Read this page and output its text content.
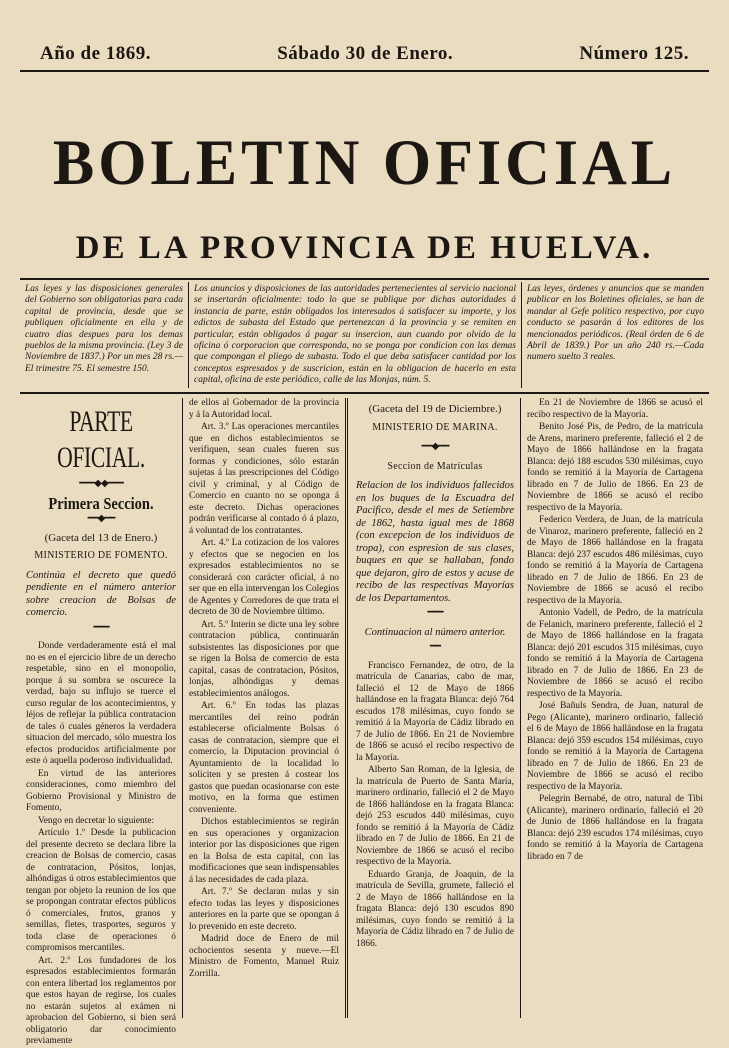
Año de 1869.	Sábado 30 de Enero.	Número 125.
BOLETIN OFICIAL
DE LA PROVINCIA DE HUELVA.
Las leyes y las disposiciones generales del Gobierno son obligatorias para cada capital de provincia, desde que se publiquen oficialmente en ella y de cuatro dias despues para los demas pueblos de la misma provincia. (Ley 3 de Noviembre de 1837.) Por un mes 28 rs.—El trimestre 75. El semestre 150.
Los anuncios y disposiciones de las autoridades pertenecientes al servicio nacional se insertarán oficialmente: todo lo que se publique por dichas autoridades á instancia de parte, están obligados los interesados á satisfacer su importe, y los edictos de subasta del Estado que pertenezcan á la provincia y se remiten en particular, están obligados á pagar su insercion, aun cuando por olvido de la oficina ó corporacion que corresponda, no se ponga por condicion con las demas que compongan el pliego de subasta. Todo el que deba satisfacer cantidad por los conceptos espresados y de suscricion, están en la obligacion de hacerlo en esta capital, oficina de este periódico, calle de las Monjas, núm. 5.
Las leyes, órdenes y anuncios que se manden publicar en los Boletines oficiales, se han de mandar al Gefe político respectivo, por cuyo conducto se pasarán á los editores de los mencionados periódicos. (Real órden de 6 de Abril de 1839.) Por un año 240 rs.—Cada numero suelto 3 reales.
PARTE OFICIAL.
━━━◆◆━━━
Primera Seccion.
━━◆━━
(Gaceta del 13 de Enero.)
MINISTERIO DE FOMENTO.

Continúa el decreto que quedó pendiente en el número anterior sobre creacion de Bolsas de comercio.

━━━

Donde verdaderamente está el mal no es en el ejercicio libre de un derecho respetable, sino en el monopolio, porque á su sombra se oscurece la verdad, bajo su influjo se tuerce el curso regular de los acontecimientos, y léjos de reflejar la pública contratacion de tales ó cuales géneros la verdadera situacion del mercado, sólo muestra los efectos producidos artificialmente por este ó aquella poderoso individualidad.

En virtud de las anteriores consideraciones, como miembro del Gobierno Provisional y Ministro de Fomento,

Vengo en decretar lo siguiente:

Artículo 1.º Desde la publicacion del presente decreto se declara libre la creacion de Bolsas de comercio, casas de contratacion, Pósitos, lonjas, alhóndigas ú otros establecimientos que tengan por objeto la reunion de los que se propongan contratar efectos públicos ó comerciales, frutos, granos y semillas, fletes, trasportes, seguros y toda clase de operaciones ó compromisos mercantiles.

Art. 2.º Los fundadores de los espresados establecimientos formarán con entera libertad los reglamentos por que estos hayan de regirse, los cuales no estarán sujetos al exámen ni aprobacion del Gobierno, si bien será obligatorio dar conocimiento previamente

de ellos al Gobernador de la provincia y á la Autoridad local.

Art. 3.º Las operaciones mercantiles que en dichos establecimientos se verifiquen, sean cuales fueren sus formas y condiciones, sólo estarán sujetas á las prescripciones del Código civil y criminal, y al Código de Comercio en cuanto no se oponga á este decreto. Dichas operaciones podrán verificarse al contado ó á plazo, á voluntad de los contratantes.

Art. 4.º La cotizacion de los valores y efectos que se negocien en los expresados establecimientos no se considerará con carácter oficial, á no ser que en ella intervengan los Colegios de Agentes y Corredores de que trata el decreto de 30 de Noviembre último.

Art. 5.º Interin se dicte una ley sobre contratacion pública, continuarán subsistentes las disposiciones por que se rigen la Bolsa de comercio de esta capital, casas de contratacion, Pósitos, lonjas, alhóndigas y demas establecimientos análogos.

Art. 6.º En todas las plazas mercantiles del reino podrán establecerse oficialmente Bolsas ó casas de contratacion, siempre que el comercio, la Diputacion provincial ó Ayuntamiento de la localidad lo soliciten y se presten á costear los gastos que puedan ocasionarse con este motivo, en la forma que estimen conveniente.

Dichos establecimientos se regirán en sus operaciones y organizacion interior por las disposiciones que rigen en la Bolsa de esta capital, con las modificaciones que sean indispensables á las necesidades de cada plaza.

Art. 7.º Se declaran nulas y sin efecto todas las leyes y disposiciones anteriores en la parte que se opongan á lo prevenido en este decreto.

Madrid doce de Enero de mil ochocientos sesenta y nueve.—El Ministro de Fomento, Manuel Ruiz Zorrilla.

(Gaceta del 19 de Diciembre.)
MINISTERIO DE MARINA.
━━◆━━
Seccion de Matrículas

Relacion de los individuos fallecidos en los buques de la Escuadra del Pacifico, desde el mes de Setiembre de 1862, hasta igual mes de 1868 (con excepcion de los individuos de tropa), con espresion de sus clases, buques en que se hallaban, fondo que dejaron, giro de estos y acuse de recibo de las respectivas Mayorías de los Departamentos.

━━━

Continuacion al número anterior.

━━

Francisco Fernandez, de otro, de la matrícula de Canarias, cabo de mar, falleció el 12 de Mayo de 1866 hallándose en la fragata Blanca: dejó 764 escudos 178 milésimas, cuyo fondo se remitió á la Mayoría de Cádiz librado en 7 de Julio de 1866. En 21 de Noviembre de 1866 se acusó el recibo respectivo de la Mayoría.

Alberto San Roman, de la Iglesia, de la matrícula de Puerto de Santa María, marinero ordinario, falleció el 2 de Mayo de 1866 hallándose en la fragata Blanca: dejó 253 escudos 440 milésimas, cuyo fondo se remitió á la Mayoría de Cádiz librado en 7 de Julio de 1866. En 21 de Noviembre de 1866 se acusó el recibo respectivo de la Mayoría.

Eduardo Granja, de Joaquin, de la matrícula de Sevilla, grumete, falleció el 2 de Mayo de 1866 hallándose en la fragata Blanca: dejó 130 escudos 890 milésimas, cuyo fondo se remitió á la Mayoría de Cádiz librado en 7 de Julio de 1866.

En 21 de Noviembre de 1866 se acusó el recibo respectivo de la Mayoría.

Benito José Pis, de Pedro, de la matrícula de Arens, marinero preferente, falleció el 2 de Mayo de 1866 hallándose en la fragata Blanca: dejó 188 escudos 530 milésimas, cuyo fondo se remitió á la Mayoría de Cartagena librado en 7 de Julio de 1866. En 23 de Noviembre de 1866 se acusó el recibo respectivo de la Mayoría.

Federico Verdera, de Juan, de la matrícula de Vinaroz, marinero preferente, falleció en 2 de Mayo de 1866 hallándose en la fragata Blanca: dejó 237 escudos 486 milésimas, cuyo fondo se remitió á la Mayoría de Cartagena librado en 7 de Julio de 1866. En 23 de Noviembre de 1866 se acusó el recibo respectivo de la Mayoría.

Antonio Vadell, de Pedro, de la matrícula de Felanich, marinero preferente, falleció el 2 de Mayo de 1866 hallándose en la fragata Blanca: dejó 201 escudos 315 milésimas, cuyo fondo se remitió á la Mayoría de Cartagena librado en 7 de Julio de 1866. En 23 de Noviembre de 1866 se acusó el recibo respectivo de la Mayoría.

José Bañuls Sendra, de Juan, natural de Pego (Alicante), marinero ordinario, falleció el 6 de Mayo de 1866 hallándose en la fragata Blanca: dejó 359 escudos 154 milésimas, cuyo fondo se remitió á la Mayoría de Cartagena librado en 7 de Julio de 1866. En 23 de Noviembre de 1866 se acusó el recibo respectivo de la Mayoría.

Pelegrin Bernabé, de otro, natural de Tibi (Alicante), marinero ordinario, falleció el 20 de Junio de 1866 hallándose en la fragata Blanca: dejó 239 escudos 174 milésimas, cuyo fondo se remitió á la Mayoría de Cartagena librado en 7 de
